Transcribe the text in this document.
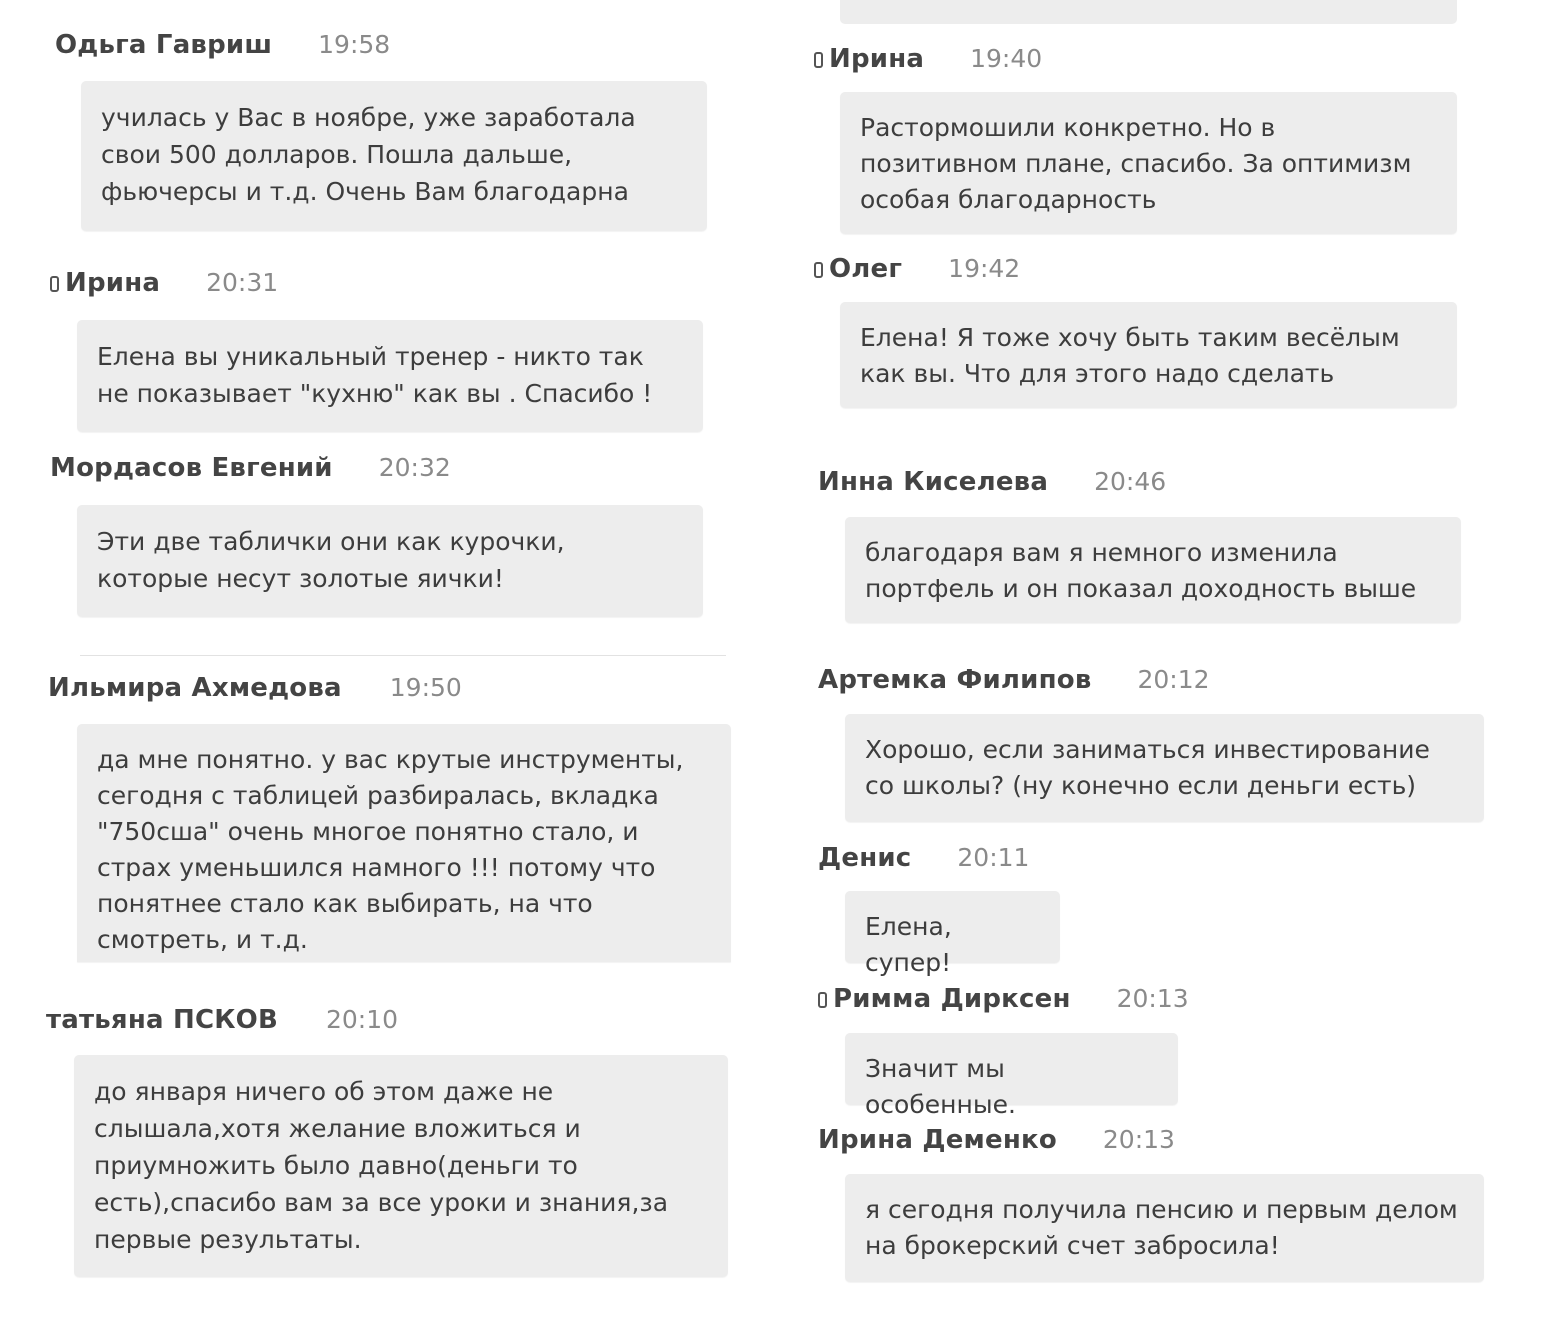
Одьга Гавриш 19:58
училась у Вас в ноябре, уже заработала свои 500 долларов. Пошла дальше, фьючерсы и т.д. Очень Вам благодарна
Ирина 20:31
Елена вы уникальный тренер - никто так не показывает "кухню" как вы . Спасибо !
Мордасов Евгений 20:32
Эти две таблички они как курочки, которые несут золотые яички!
Ильмира Ахмедова 19:50
да мне понятно. у вас крутые инструменты, сегодня с таблицей разбиралась, вкладка "750сша" очень многое понятно стало, и страх уменьшился намного !!! потому что понятнее стало как выбирать, на что смотреть, и т.д.
татьяна ПСКОВ 20:10
до января ничего об этом даже не слышала,хотя желание вложиться и приумножить было давно(деньги то есть),спасибо вам за все уроки и знания,за первые результаты.
Ирина 19:40
Растормошили конкретно. Но в позитивном плане, спасибо. За оптимизм особая благодарность
Олег 19:42
Елена! Я тоже хочу быть таким весёлым как вы. Что для этого надо сделать
Инна Киселева 20:46
благодаря вам я немного изменила портфель и он показал доходность выше
Артемка Филипов 20:12
Хорошо, если заниматься инвестирование со школы? (ну конечно если деньги есть)
Денис 20:11
Елена, супер!
Римма Дирксен 20:13
Значит мы особенные.
Ирина Деменко 20:13
я сегодня получила пенсию и первым делом на брокерский счет забросила!
